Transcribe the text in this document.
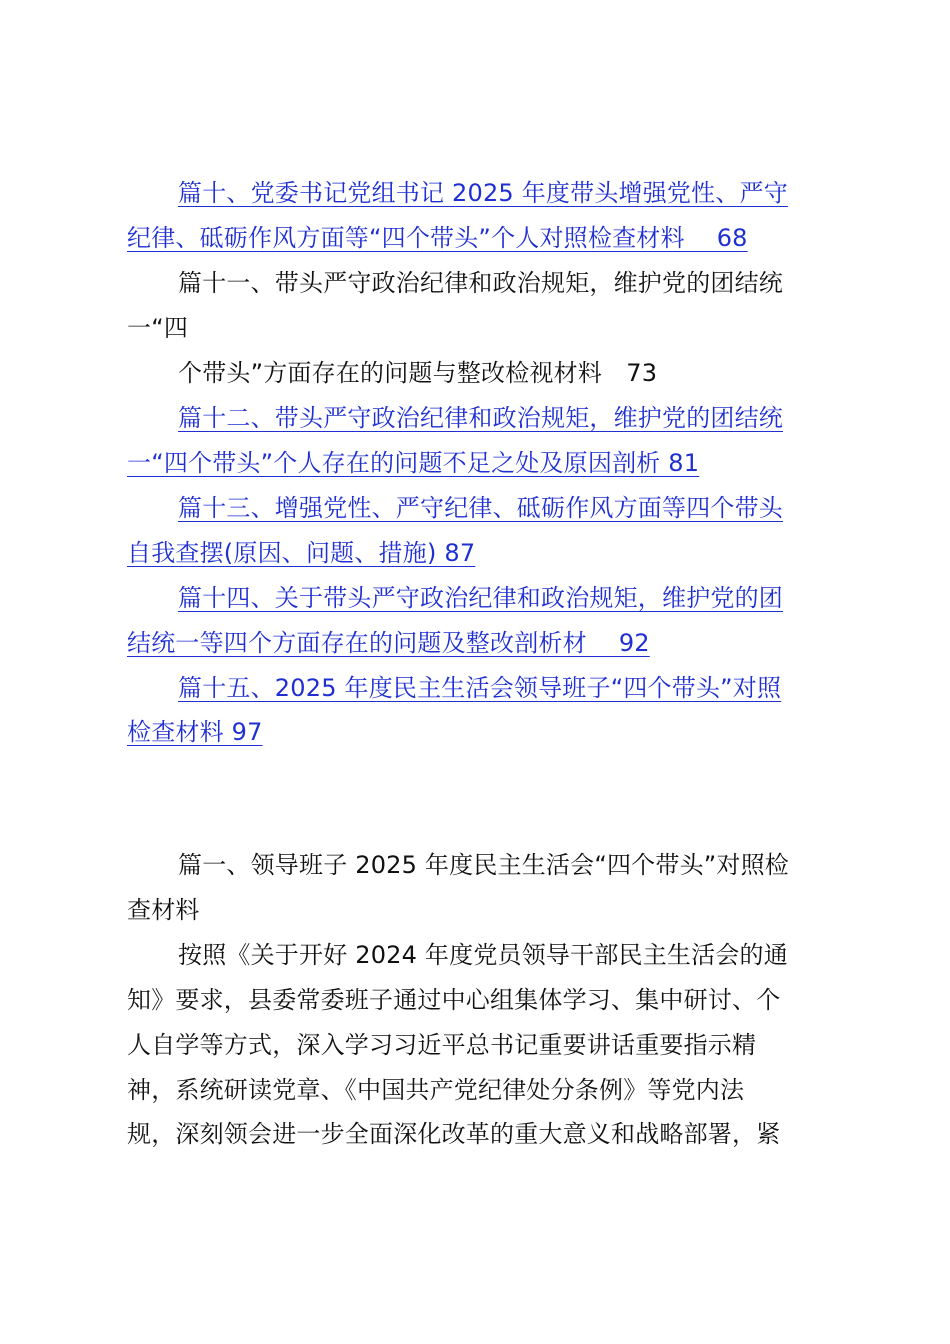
篇十、党委书记党组书记 2025 年度带头增强党性、严守
纪律、砥砺作风方面等“四个带头”个人对照检查材料　 68
篇十一、带头严守政治纪律和政治规矩，维护党的团结统
一“四
个带头”方面存在的问题与整改检视材料　73
篇十二、带头严守政治纪律和政治规矩，维护党的团结统
一“四个带头”个人存在的问题不足之处及原因剖析 81
篇十三、增强党性、严守纪律、砥砺作风方面等四个带头
自我查摆(原因、问题、措施) 87
篇十四、关于带头严守政治纪律和政治规矩，维护党的团
结统一等四个方面存在的问题及整改剖析材　 92
篇十五、2025 年度民主生活会领导班子“四个带头”对照
检查材料 97
篇一、领导班子 2025 年度民主生活会“四个带头”对照检
查材料
按照《关于开好 2024 年度党员领导干部民主生活会的通
知》要求，县委常委班子通过中心组集体学习、集中研讨、个
人自学等方式，深入学习习近平总书记重要讲话重要指示精
神，系统研读党章、《中国共产党纪律处分条例》等党内法
规，深刻领会进一步全面深化改革的重大意义和战略部署，紧
